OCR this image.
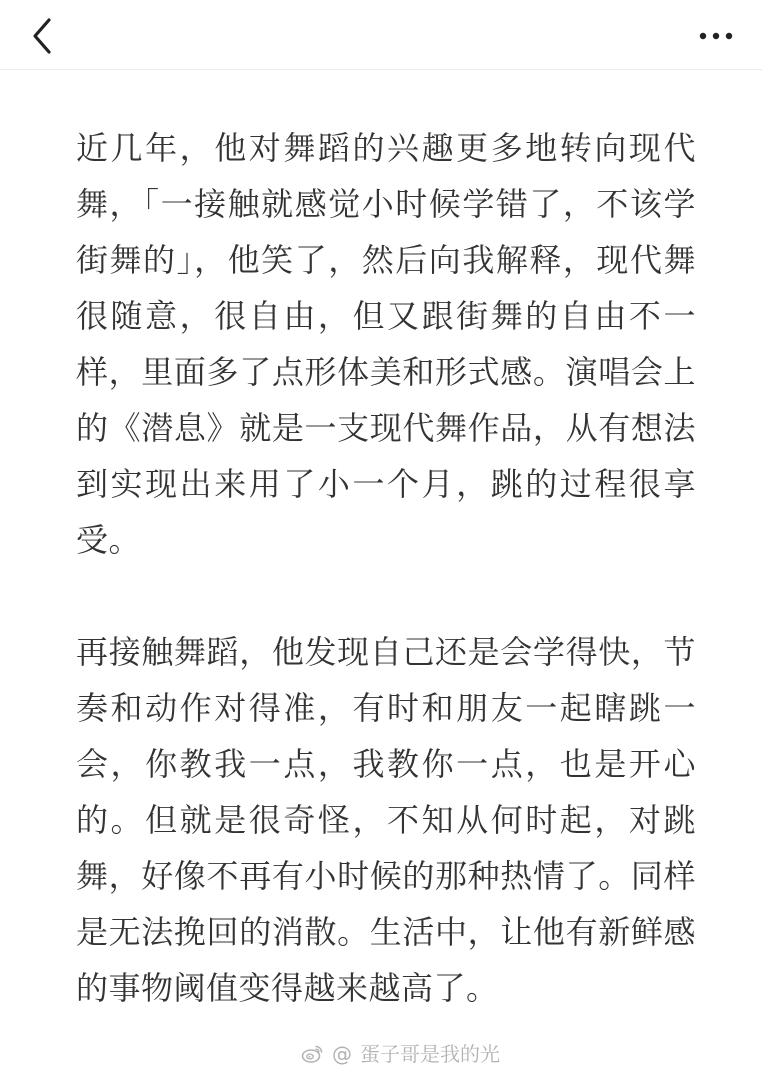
近几年，他对舞蹈的兴趣更多地转向现代舞，「一接触就感觉小时候学错了，不该学街舞的」，他笑了，然后向我解释，现代舞很随意，很自由，但又跟街舞的自由不一样，里面多了点形体美和形式感。演唱会上的《潜息》就是一支现代舞作品，从有想法到实现出来用了小一个月，跳的过程很享受。

再接触舞蹈，他发现自己还是会学得快，节奏和动作对得准，有时和朋友一起瞎跳一会，你教我一点，我教你一点，也是开心的。但就是很奇怪，不知从何时起，对跳舞，好像不再有小时候的那种热情了。同样是无法挽回的消散。生活中，让他有新鲜感的事物阈值变得越来越高了。

@ 蛋子哥是我的光
